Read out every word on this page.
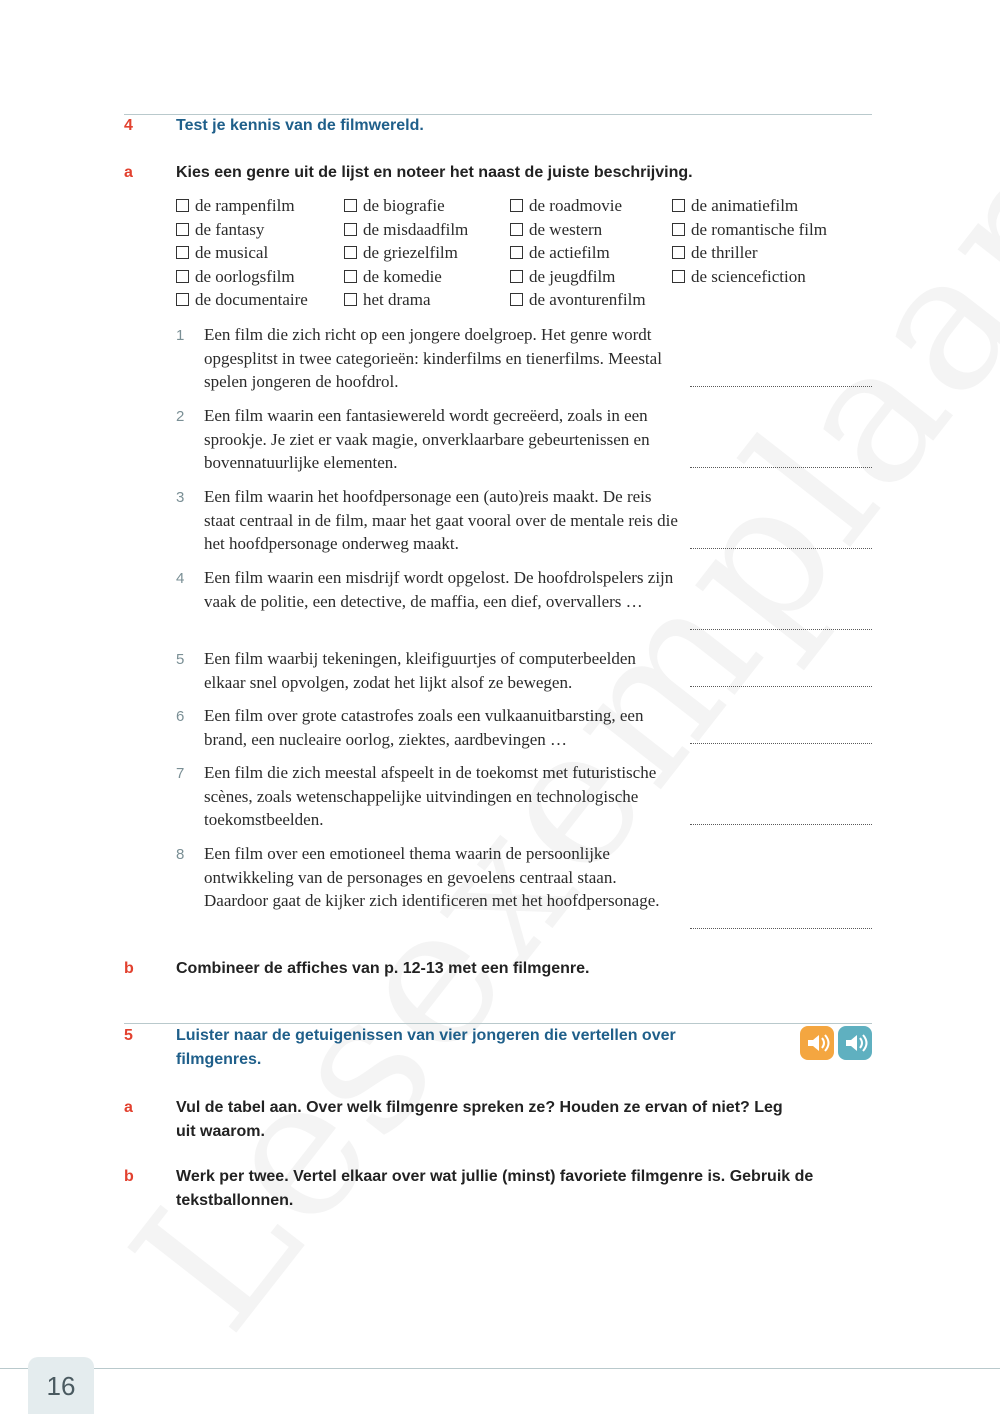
4	Test je kennis van de filmwereld.
a	Kies een genre uit de lijst en noteer het naast de juiste beschrijving.
de rampenfilm	de biografie	de roadmovie	de animatiefilm
de fantasy	de misdaadfilm	de western	de romantische film
de musical	de griezelfilm	de actiefilm	de thriller
de oorlogsfilm	de komedie	de jeugdfilm	de sciencefiction
de documentaire	het drama	de avonturenfilm
1 Een film die zich richt op een jongere doelgroep. Het genre wordt opgesplitst in twee categorieën: kinderfilms en tienerfilms. Meestal spelen jongeren de hoofdrol.
2 Een film waarin een fantasiewereld wordt gecreëerd, zoals in een sprookje. Je ziet er vaak magie, onverklaarbare gebeurtenissen en bovennatuurlijke elementen.
3 Een film waarin het hoofdpersonage een (auto)reis maakt. De reis staat centraal in de film, maar het gaat vooral over de mentale reis die het hoofdpersonage onderweg maakt.
4 Een film waarin een misdrijf wordt opgelost. De hoofdrolspelers zijn vaak de politie, een detective, de maffia, een dief, overvallers …
5 Een film waarbij tekeningen, kleifiguurtjes of computerbeelden elkaar snel opvolgen, zodat het lijkt alsof ze bewegen.
6 Een film over grote catastrofes zoals een vulkaanuitbarsting, een brand, een nucleaire oorlog, ziektes, aardbevingen …
7 Een film die zich meestal afspeelt in de toekomst met futuristische scènes, zoals wetenschappelijke uitvindingen en technologische toekomstbeelden.
8 Een film over een emotioneel thema waarin de persoonlijke ontwikkeling van de personages en gevoelens centraal staan. Daardoor gaat de kijker zich identificeren met het hoofdpersonage.
b	Combineer de affiches van p. 12-13 met een filmgenre.
5	Luister naar de getuigenissen van vier jongeren die vertellen over filmgenres.
a	Vul de tabel aan. Over welk filmgenre spreken ze? Houden ze ervan of niet? Leg uit waarom.
b	Werk per twee. Vertel elkaar over wat jullie (minst) favoriete filmgenre is. Gebruik de tekstballonnen.
16
